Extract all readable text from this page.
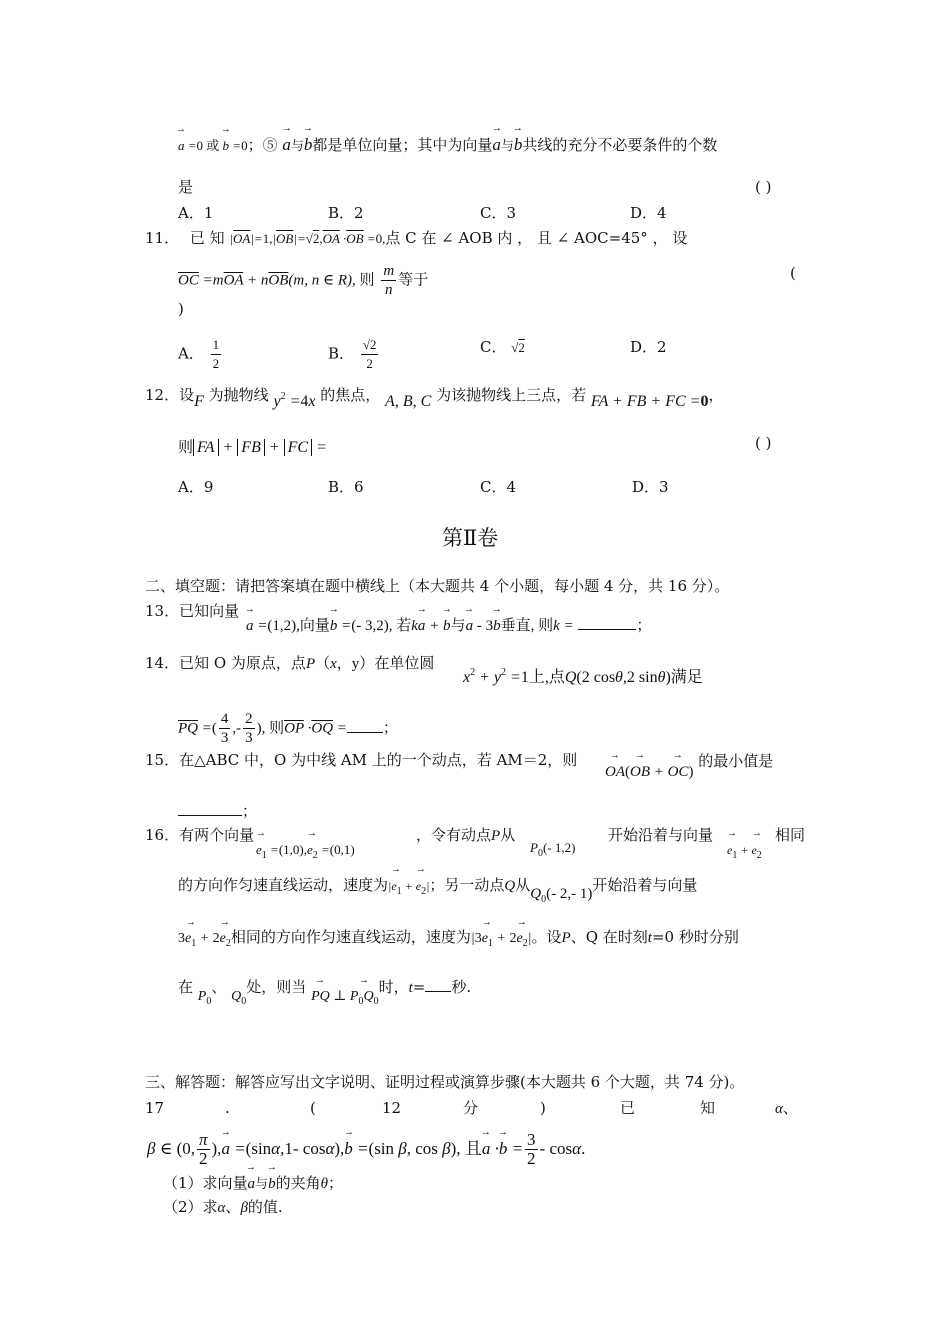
→ a =0 或 → b =0；⑤ → a与→ b都是单位向量；其中为向量→ a与→ b共线的充分不必要条件的个数
是	( )
A．1	B．2	C．3	D．4
11． 已 知 $|\overline{OA}|=1,|\overline{OB}|=√2,\overline{OA} \cdot\overline{OB} =0$,点 C 在 ∠ AOB 内 ， 且 ∠ AOC=45° ， 设
$\overline{OC} =m\overline{OA} + n\overline{OB}(m$, n ∈ R), 则 $\frac{m}{n}$ 等于	(
)
A． $\frac{1}{2}$	B． $\frac{√2}{2}$	C． √2	D．2
12．设F 为抛物线 $y^2 =4x$ 的焦点， A, B, C 为该抛物线上三点，若 FA + FB + FC =0，
则 FA + FB + FC =	( )
A．9	B．6	C．4	D．3
第Ⅱ卷
二、填空题：请把答案填在题中横线上（本大题共 4 个小题，每小题 4 分，共 16 分）。
13．已知向量
→ a =(1,2),向量→ b =(- 3,2), 若k→ a + → b与→ a - 3→ b垂直, 则k =	；
14．已知 O 为原点，点P（x，y）在单位圆
$x^2 + y^2 =1$上,点Q(2 cosθ,2 sinθ)满足
$\overline{PQ}$ =( $\frac{4}{3}$ ,- $\frac{2}{3}$ ), 则$\overline{OP} \cdot\overline{OQ}$ = ；
15．在△ABC 中，O 为中线 AM 上的一个动点，若 AM＝2，则
→ OA(→ OB + → OC) 的最小值是
；
16．有两个向量
→ $e_1 =(1,0),\to e_2 =(0,1)$
，令有动点P从
$P_0(-$ 1,2)
开始沿着与向量
→ $e_1$ + → $e_2$
相同
的方向作匀速直线运动，速度为|→ $e_1$ + → $e_2|$；另一动点Q从$Q_0(-$ 2,- 1)开始沿着与向量
$3\to e_1 + 2\to e_2$相同的方向作匀速直线运动，速度为$|3\to e_1 + 2\to e_2|$。设P、Q 在时刻t=0 秒时分别
在 $P_0$、 $Q_0$处，则当 → PQ ⊥ → $P_0Q_0$时，t= 秒.
三、解答题：解答应写出文字说明、证明过程或演算步骤(本大题共 6 个大题，共 74 分)。
17	.	(	12	分	)	已	知	α、
β ∈ (0, $\frac{\pi}{2}$ ),→ a =(sinα,1- cosα),→ b =(sin β, cos β), 且→ $a \cdot\to b = \frac{3}{2} - \cos\alpha$.
（1）求向量→ a与→ b的夹角θ；
（2）求α、β的值.
